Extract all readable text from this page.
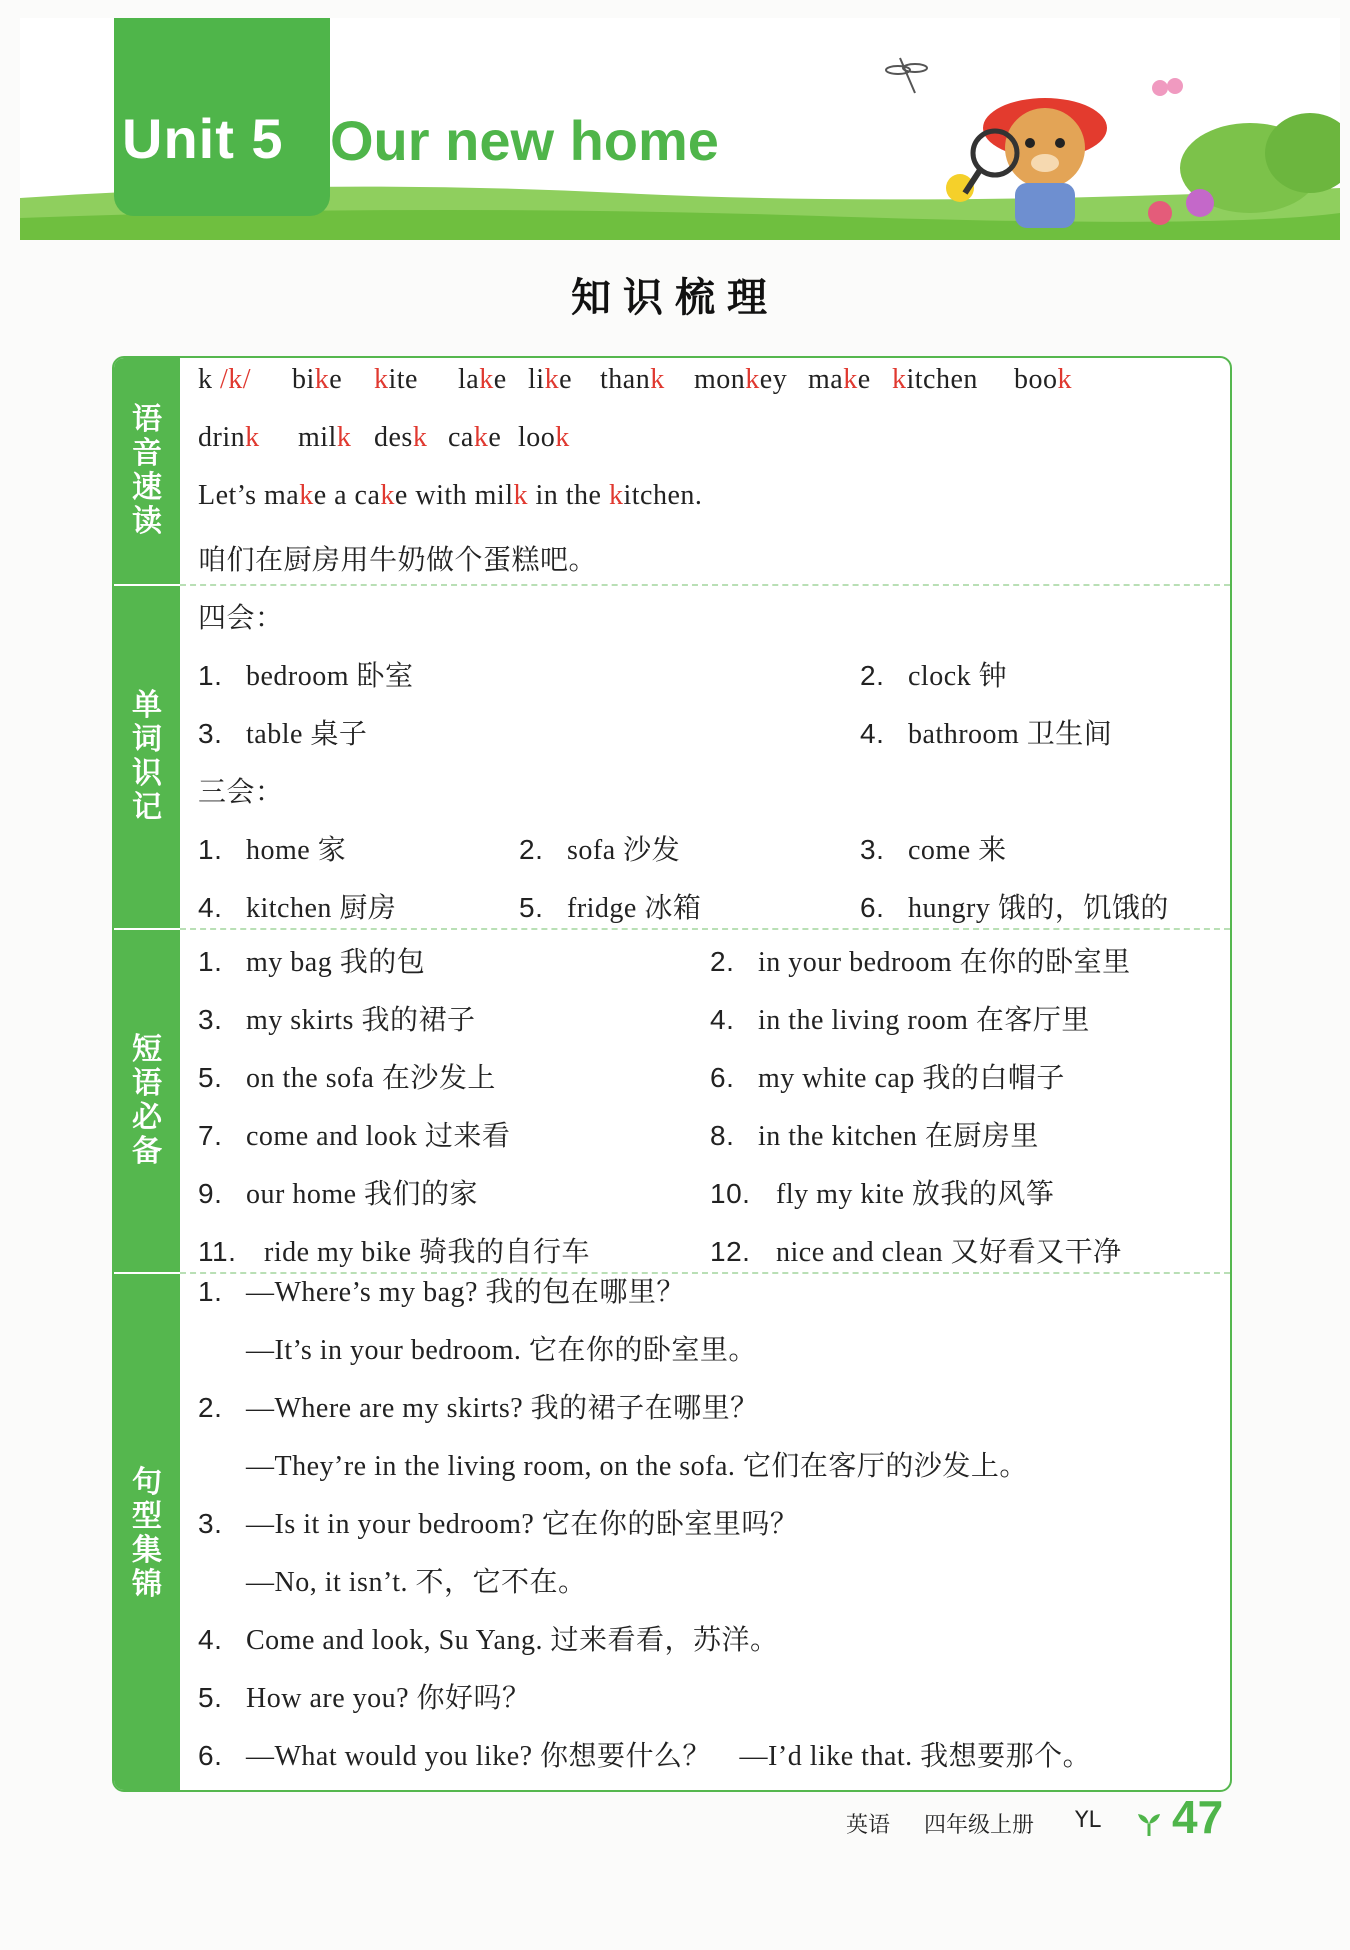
Unit 5 Our new home
知识梳理
语音速读
单词识记
短语必备
句型集锦
k /k/
Let’s make a cake with milk in the kitchen.
咱们在厨房用牛奶做个蛋糕吧。
四会：
三会：
bike kite lake like thank monkey make kitchen book
drink milk desk cake look
1. bedroom 卧室	2. clock 钟
3. table 桌子	4. bathroom 卫生间
1. home 家	2. sofa 沙发	3. come 来
4. kitchen 厨房	5. fridge 冰箱	6. hungry 饿的，饥饿的
1. my bag 我的包	2. in your bedroom 在你的卧室里
3. my skirts 我的裙子	4. in the living room 在客厅里
5. on the sofa 在沙发上	6. my white cap 我的白帽子
7. come and look 过来看	8. in the kitchen 在厨房里
9. our home 我们的家	10. fly my kite 放我的风筝
11. ride my bike 骑我的自行车	12. nice and clean 又好看又干净
1. —Where’s my bag? 我的包在哪里？
—It’s in your bedroom. 它在你的卧室里。
2. —Where are my skirts? 我的裙子在哪里？
—They’re in the living room, on the sofa. 它们在客厅的沙发上。
3. —Is it in your bedroom? 它在你的卧室里吗？
—No, it isn’t. 不，它不在。
4. Come and look, Su Yang. 过来看看，苏洋。
5. How are you? 你好吗？
6. —What would you like? 你想要什么？　—I’d like that. 我想要那个。
英语 四年级上册 YL 47
